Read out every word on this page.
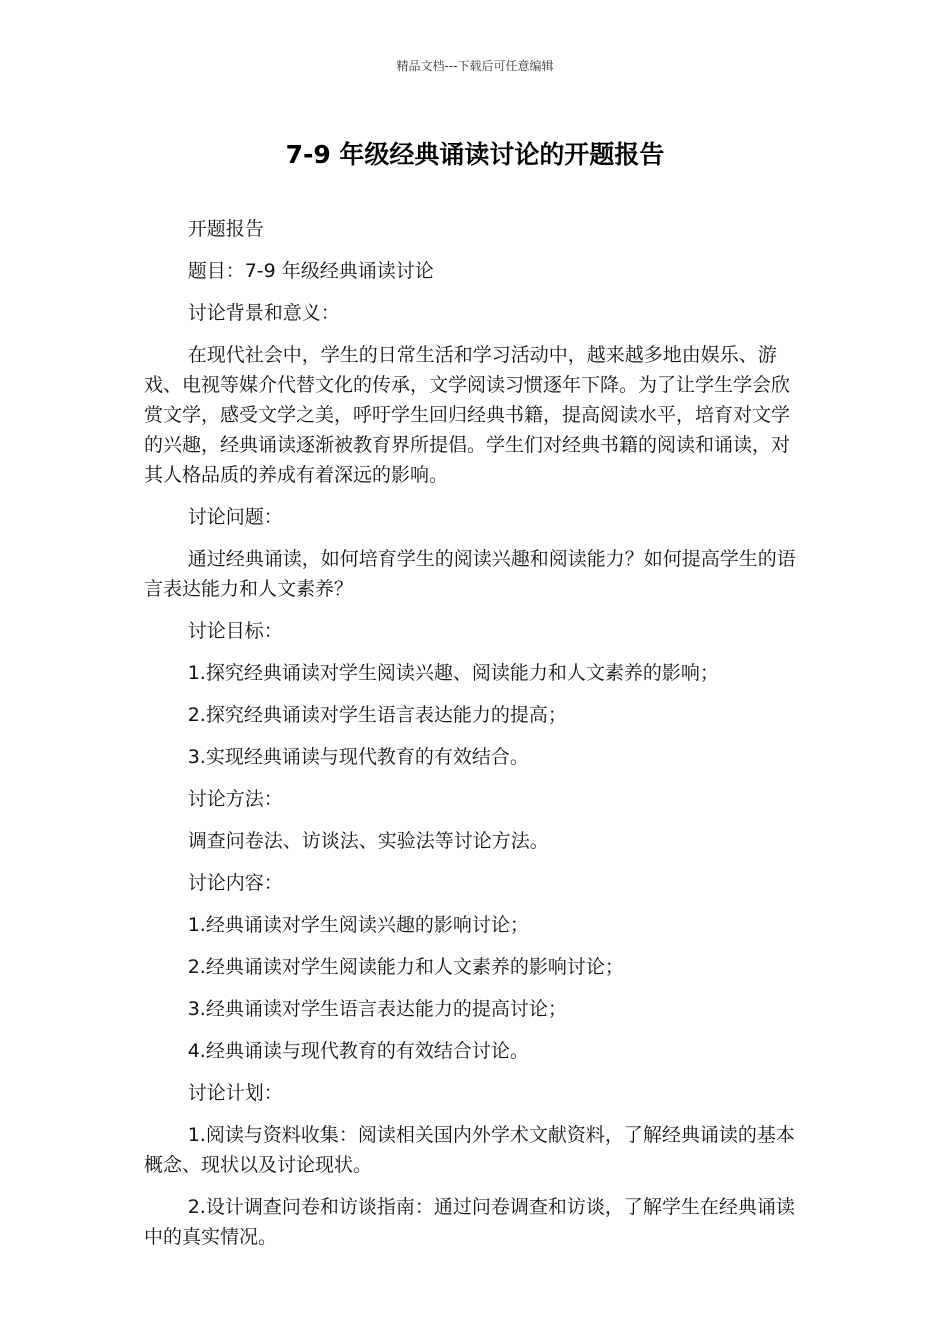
精品文档---下载后可任意编辑
7-9 年级经典诵读讨论的开题报告

开题报告

题目：7-9 年级经典诵读讨论

讨论背景和意义：

在现代社会中，学生的日常生活和学习活动中，越来越多地由娱乐、游戏、电视等媒介代替文化的传承，文学阅读习惯逐年下降。为了让学生学会欣赏文学，感受文学之美，呼吁学生回归经典书籍，提高阅读水平，培育对文学的兴趣，经典诵读逐渐被教育界所提倡。学生们对经典书籍的阅读和诵读，对其人格品质的养成有着深远的影响。

讨论问题：

通过经典诵读，如何培育学生的阅读兴趣和阅读能力？如何提高学生的语言表达能力和人文素养？

讨论目标：

1.探究经典诵读对学生阅读兴趣、阅读能力和人文素养的影响；

2.探究经典诵读对学生语言表达能力的提高；

3.实现经典诵读与现代教育的有效结合。

讨论方法：

调查问卷法、访谈法、实验法等讨论方法。

讨论内容：

1.经典诵读对学生阅读兴趣的影响讨论；

2.经典诵读对学生阅读能力和人文素养的影响讨论；

3.经典诵读对学生语言表达能力的提高讨论；

4.经典诵读与现代教育的有效结合讨论。

讨论计划：

1.阅读与资料收集：阅读相关国内外学术文献资料，了解经典诵读的基本概念、现状以及讨论现状。

2.设计调查问卷和访谈指南：通过问卷调查和访谈，了解学生在经典诵读中的真实情况。
